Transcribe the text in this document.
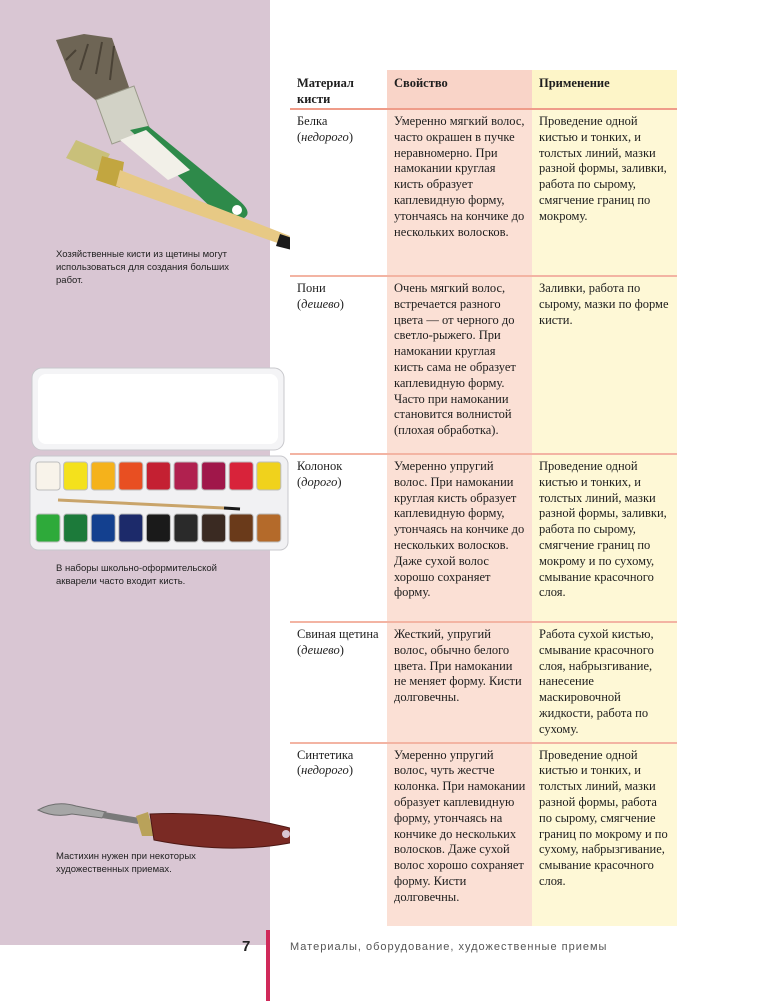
Хозяйственные кисти из щетины могут использоваться для создания больших работ.
В наборы школьно-оформительской акварели часто входит кисть.
Мастихин нужен при некоторых художественных приемах.
Материал кисти
Свойство	Применение
Белка
(недорого)
Умеренно мягкий волос, часто окрашен в пучке неравномерно. При намокании круглая кисть образует каплевидную форму, утончаясь на кончике до нескольких волосков.
Проведение одной кистью и тонких, и толстых линий, мазки разной формы, заливки, работа по сырому, смягчение границ по мокрому.
Пони
(дешево)
Очень мягкий волос, встречается разного цвета — от черного до светло-рыжего. При намокании круглая кисть сама не образует каплевидную форму. Часто при намокании становится волнистой (плохая обработка).
Заливки, работа по сырому, мазки по форме кисти.
Колонок
(дорого)
Умеренно упругий волос. При намокании круглая кисть образует каплевидную форму, утончаясь на кончике до нескольких волосков. Даже сухой волос хорошо сохраняет форму.
Проведение одной кистью и тонких, и толстых линий, мазки разной формы, заливки, работа по сырому, смягчение границ по мокрому и по сухому, смывание красочного слоя.
Свиная щетина
(дешево)
Жесткий, упругий волос, обычно белого цвета. При намокании не меняет форму. Кисти долговечны.
Работа сухой кистью, смывание красочного слоя, набрызгивание, нанесение маскировочной жидкости, работа по сухому.
Синтетика
(недорого)
Умеренно упругий волос, чуть жестче колонка. При намокании образует каплевидную форму, утончаясь на кончике до нескольких волосков. Даже сухой волос хорошо сохраняет форму. Кисти долговечны.
Проведение одной кистью и тонких, и толстых линий, мазки разной формы, работа по сырому, смягчение границ по мокрому и по сухому, набрызгивание, смывание красочного слоя.
7	Материалы, оборудование, художественные приемы
